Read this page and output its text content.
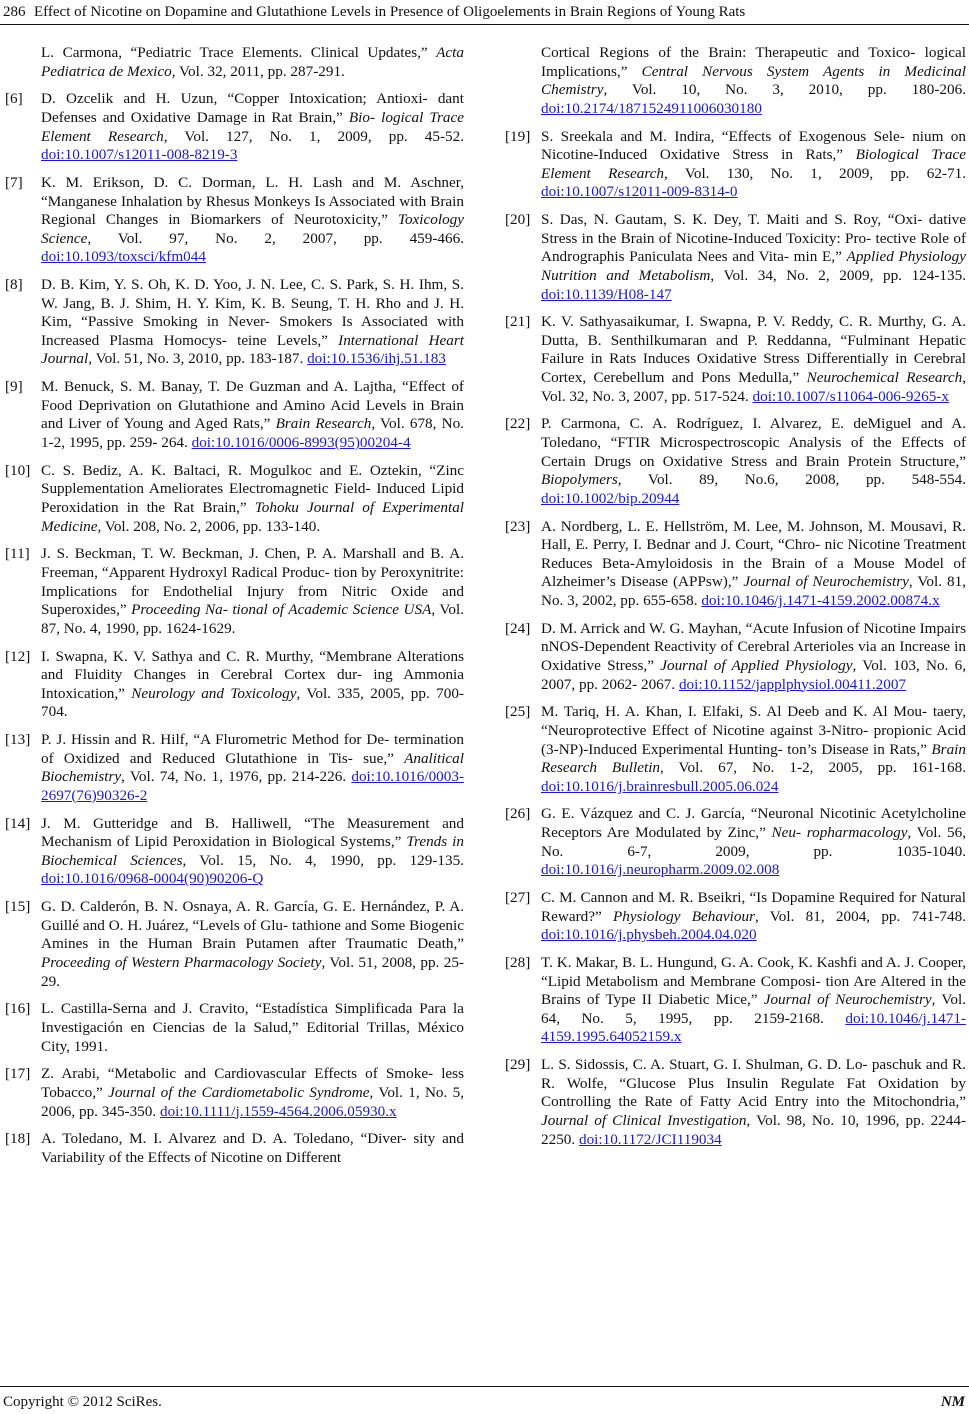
286 Effect of Nicotine on Dopamine and Glutathione Levels in Presence of Oligoelements in Brain Regions of Young Rats
L. Carmona, “Pediatric Trace Elements. Clinical Updates,” Acta Pediatrica de Mexico, Vol. 32, 2011, pp. 287-291.
[6] D. Ozcelik and H. Uzun, “Copper Intoxication; Antioxi- dant Defenses and Oxidative Damage in Rat Brain,” Bio- logical Trace Element Research, Vol. 127, No. 1, 2009, pp. 45-52. doi:10.1007/s12011-008-8219-3
[7] K. M. Erikson, D. C. Dorman, L. H. Lash and M. Aschner, “Manganese Inhalation by Rhesus Monkeys Is Associated with Brain Regional Changes in Biomarkers of Neurotoxicity,” Toxicology Science, Vol. 97, No. 2, 2007, pp. 459-466. doi:10.1093/toxsci/kfm044
[8] D. B. Kim, Y. S. Oh, K. D. Yoo, J. N. Lee, C. S. Park, S. H. Ihm, S. W. Jang, B. J. Shim, H. Y. Kim, K. B. Seung, T. H. Rho and J. H. Kim, “Passive Smoking in Never- Smokers Is Associated with Increased Plasma Homocys- teine Levels,” International Heart Journal, Vol. 51, No. 3, 2010, pp. 183-187. doi:10.1536/ihj.51.183
[9] M. Benuck, S. M. Banay, T. De Guzman and A. Lajtha, “Effect of Food Deprivation on Glutathione and Amino Acid Levels in Brain and Liver of Young and Aged Rats,” Brain Research, Vol. 678, No. 1-2, 1995, pp. 259- 264. doi:10.1016/0006-8993(95)00204-4
[10] C. S. Bediz, A. K. Baltaci, R. Mogulkoc and E. Oztekin, “Zinc Supplementation Ameliorates Electromagnetic Field- Induced Lipid Peroxidation in the Rat Brain,” Tohoku Journal of Experimental Medicine, Vol. 208, No. 2, 2006, pp. 133-140.
[11] J. S. Beckman, T. W. Beckman, J. Chen, P. A. Marshall and B. A. Freeman, “Apparent Hydroxyl Radical Produc- tion by Peroxynitrite: Implications for Endothelial Injury from Nitric Oxide and Superoxides,” Proceeding Na- tional of Academic Science USA, Vol. 87, No. 4, 1990, pp. 1624-1629.
[12] I. Swapna, K. V. Sathya and C. R. Murthy, “Membrane Alterations and Fluidity Changes in Cerebral Cortex dur- ing Ammonia Intoxication,” Neurology and Toxicology, Vol. 335, 2005, pp. 700-704.
[13] P. J. Hissin and R. Hilf, “A Flurometric Method for De- termination of Oxidized and Reduced Glutathione in Tis- sue,” Analitical Biochemistry, Vol. 74, No. 1, 1976, pp. 214-226. doi:10.1016/0003-2697(76)90326-2
[14] J. M. Gutteridge and B. Halliwell, “The Measurement and Mechanism of Lipid Peroxidation in Biological Systems,” Trends in Biochemical Sciences, Vol. 15, No. 4, 1990, pp. 129-135. doi:10.1016/0968-0004(90)90206-Q
[15] G. D. Calderón, B. N. Osnaya, A. R. García, G. E. Hernández, P. A. Guillé and O. H. Juárez, “Levels of Glu- tathione and Some Biogenic Amines in the Human Brain Putamen after Traumatic Death,” Proceeding of Western Pharmacology Society, Vol. 51, 2008, pp. 25-29.
[16] L. Castilla-Serna and J. Cravito, “Estadística Simplificada Para la Investigación en Ciencias de la Salud,” Editorial Trillas, México City, 1991.
[17] Z. Arabi, “Metabolic and Cardiovascular Effects of Smoke- less Tobacco,” Journal of the Cardiometabolic Syndrome, Vol. 1, No. 5, 2006, pp. 345-350. doi:10.1111/j.1559-4564.2006.05930.x
[18] A. Toledano, M. I. Alvarez and D. A. Toledano, “Diver- sity and Variability of the Effects of Nicotine on Different
Cortical Regions of the Brain: Therapeutic and Toxico- logical Implications,” Central Nervous System Agents in Medicinal Chemistry, Vol. 10, No. 3, 2010, pp. 180-206. doi:10.2174/1871524911006030180
[19] S. Sreekala and M. Indira, “Effects of Exogenous Sele- nium on Nicotine-Induced Oxidative Stress in Rats,” Biological Trace Element Research, Vol. 130, No. 1, 2009, pp. 62-71. doi:10.1007/s12011-009-8314-0
[20] S. Das, N. Gautam, S. K. Dey, T. Maiti and S. Roy, “Oxi- dative Stress in the Brain of Nicotine-Induced Toxicity: Pro- tective Role of Andrographis Paniculata Nees and Vita- min E,” Applied Physiology Nutrition and Metabolism, Vol. 34, No. 2, 2009, pp. 124-135. doi:10.1139/H08-147
[21] K. V. Sathyasaikumar, I. Swapna, P. V. Reddy, C. R. Murthy, G. A. Dutta, B. Senthilkumaran and P. Reddanna, “Fulminant Hepatic Failure in Rats Induces Oxidative Stress Differentially in Cerebral Cortex, Cerebellum and Pons Medulla,” Neurochemical Research, Vol. 32, No. 3, 2007, pp. 517-524. doi:10.1007/s11064-006-9265-x
[22] P. Carmona, C. A. Rodríguez, I. Alvarez, E. deMiguel and A. Toledano, “FTIR Microspectroscopic Analysis of the Effects of Certain Drugs on Oxidative Stress and Brain Protein Structure,” Biopolymers, Vol. 89, No.6, 2008, pp. 548-554. doi:10.1002/bip.20944
[23] A. Nordberg, L. E. Hellström, M. Lee, M. Johnson, M. Mousavi, R. Hall, E. Perry, I. Bednar and J. Court, “Chro- nic Nicotine Treatment Reduces Beta-Amyloidosis in the Brain of a Mouse Model of Alzheimer’s Disease (APPsw),” Journal of Neurochemistry, Vol. 81, No. 3, 2002, pp. 655-658. doi:10.1046/j.1471-4159.2002.00874.x
[24] D. M. Arrick and W. G. Mayhan, “Acute Infusion of Nicotine Impairs nNOS-Dependent Reactivity of Cerebral Arterioles via an Increase in Oxidative Stress,” Journal of Applied Physiology, Vol. 103, No. 6, 2007, pp. 2062- 2067. doi:10.1152/japplphysiol.00411.2007
[25] M. Tariq, H. A. Khan, I. Elfaki, S. Al Deeb and K. Al Mou- taery, “Neuroprotective Effect of Nicotine against 3-Nitro- propionic Acid (3-NP)-Induced Experimental Hunting- ton’s Disease in Rats,” Brain Research Bulletin, Vol. 67, No. 1-2, 2005, pp. 161-168. doi:10.1016/j.brainresbull.2005.06.024
[26] G. E. Vázquez and C. J. García, “Neuronal Nicotinic Acetylcholine Receptors Are Modulated by Zinc,” Neu- ropharmacology, Vol. 56, No. 6-7, 2009, pp. 1035-1040. doi:10.1016/j.neuropharm.2009.02.008
[27] C. M. Cannon and M. R. Bseikri, “Is Dopamine Required for Natural Reward?” Physiology Behaviour, Vol. 81, 2004, pp. 741-748. doi:10.1016/j.physbeh.2004.04.020
[28] T. K. Makar, B. L. Hungund, G. A. Cook, K. Kashfi and A. J. Cooper, “Lipid Metabolism and Membrane Composi- tion Are Altered in the Brains of Type II Diabetic Mice,” Journal of Neurochemistry, Vol. 64, No. 5, 1995, pp. 2159-2168. doi:10.1046/j.1471-4159.1995.64052159.x
[29] L. S. Sidossis, C. A. Stuart, G. I. Shulman, G. D. Lo- paschuk and R. R. Wolfe, “Glucose Plus Insulin Regulate Fat Oxidation by Controlling the Rate of Fatty Acid Entry into the Mitochondria,” Journal of Clinical Investigation, Vol. 98, No. 10, 1996, pp. 2244-2250. doi:10.1172/JCI119034
Copyright © 2012 SciRes.	NM
